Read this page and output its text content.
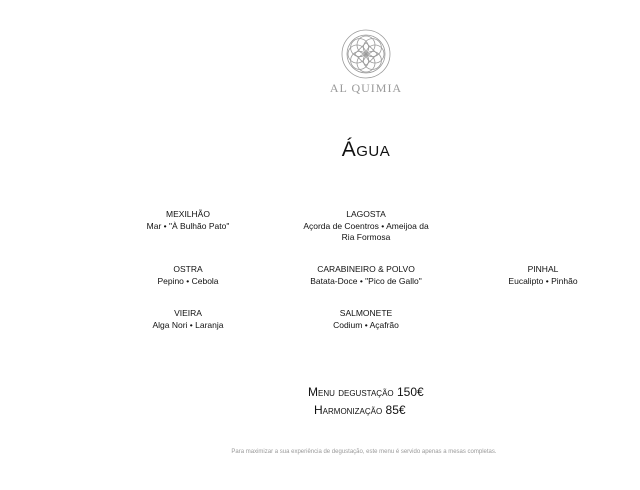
AL QUIMIA
Água
MEXILHÃO
Mar • "À Bulhão Pato"
LAGOSTA
Açorda de Coentros • Ameijoa da Ria Formosa
OSTRA
Pepino • Cebola
CARABINEIRO & POLVO
Batata-Doce • "Pico de Gallo"
PINHAL
Eucalipto • Pinhão
VIEIRA
Alga Nori • Laranja
SALMONETE
Codium • Açafrão
Menu degustação 150€
Harmonização 85€
Para maximizar a sua experiência de degustação, este menu é servido apenas a mesas completas.
